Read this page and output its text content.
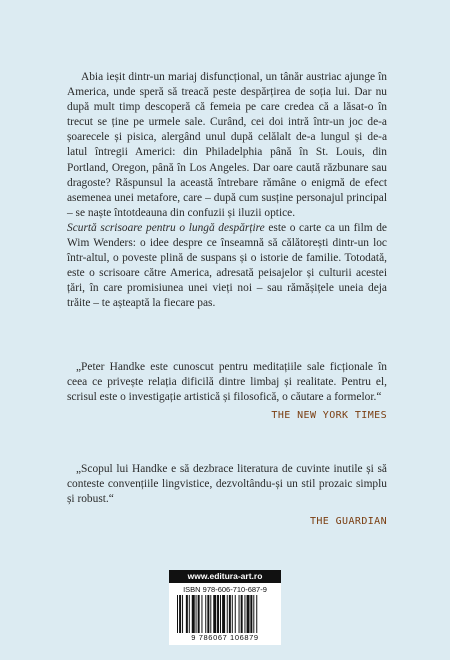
Abia ieșit dintr-un mariaj disfuncțional, un tânăr austriac ajunge în America, unde speră să treacă peste despărțirea de soția lui. Dar nu după mult timp descoperă că femeia pe care credea că a lăsat-o în trecut se ține pe urmele sale. Curând, cei doi intră într-un joc de-a șoarecele și pisica, alergând unul după celălalt de-a lungul și de-a latul întregii Americi: din Philadelphia până în St. Louis, din Portland, Oregon, până în Los Angeles. Dar oare caută răzbunare sau dragoste? Răspunsul la această întrebare rămâne o enigmă de efect asemenea unei metafore, care – după cum susține personajul principal – se naște întotdeauna din confuzii și iluzii optice.

Scurtă scrisoare pentru o lungă despărțire este o carte ca un film de Wim Wenders: o idee despre ce înseamnă să călătorești dintr-un loc într-altul, o poveste plină de suspans și o istorie de familie. Totodată, este o scrisoare către America, adresată peisajelor și culturii acestei țări, în care promisiunea unei vieți noi – sau rămășițele uneia deja trăite – te așteaptă la fiecare pas.

„Peter Handke este cunoscut pentru meditațiile sale ficționale în ceea ce privește relația dificilă dintre limbaj și realitate. Pentru el, scrisul este o investigație artistică și filosofică, o căutare a formelor.“

THE NEW YORK TIMES

„Scopul lui Handke e să dezbrace literatura de cuvinte inutile și să conteste convențiile lingvistice, dezvoltându-și un stil prozaic simplu și robust.“

THE GUARDIAN
www.editura-art.ro
ISBN 978-606-710-687-9
9 786067 106879
